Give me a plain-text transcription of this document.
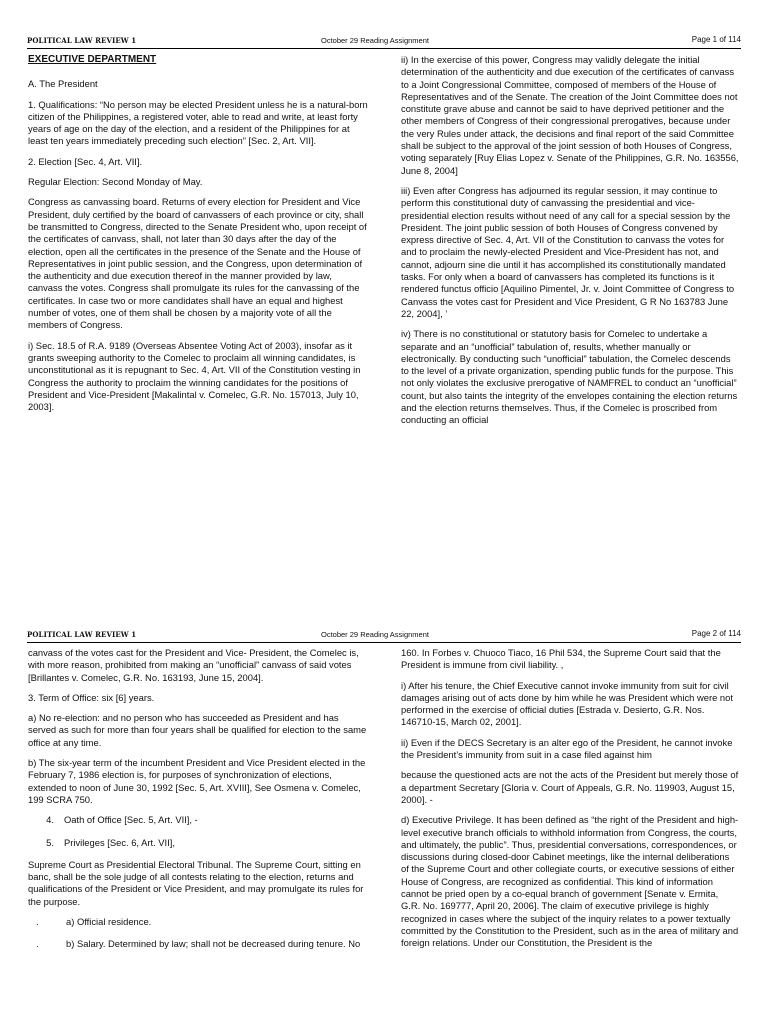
POLITICAL LAW REVIEW 1	October 29 Reading Assignment	Page 1 of 114

EXECUTIVE DEPARTMENT

A. The President

1. Qualifications: “No person may be elected President unless he is a natural-born citizen of the Philippines, a registered voter, able to read and write, at least forty years of age on the day of the election, and a resident of the Philippines for at least ten years immediately preceding such election” [Sec. 2, Art. VII].

2. Election [Sec. 4, Art. VII].

Regular Election: Second Monday of May.

Congress as canvassing board. Returns of every election for President and Vice President, duly certified by the board of canvassers of each province or city, shall be transmitted to Congress, directed to the Senate President who, upon receipt of the certificates of canvass, shall, not later than 30 days after the day of the election, open all the certificates in the presence of the Senate and the House of Representatives in joint public session, and the Congress, upon determination of the authenticity and due execution thereof in the manner provided by law, canvass the votes. Congress shall promulgate its rules for the canvassing of the certificates. In case two or more candidates shall have an equal and highest number of votes, one of them shall be chosen by a majority vote of all the members of Congress.

i) Sec. 18.5 of R.A. 9189 (Overseas Absentee Voting Act of 2003), insofar as it grants sweeping authority to the Comelec to proclaim all winning candidates, is unconstitutional as it is repugnant to Sec. 4, Art. VII of the Constitution vesting in Congress the authority to proclaim the winning candidates for the positions of President and Vice-President [Makalintal v. Comelec, G.R. No. 157013, July 10, 2003].

ii) In the exercise of this power, Congress may validly delegate the initial determination of the authenticity and due execution of the certificates of canvass to a Joint Congressional Committee, composed of members of the House of Representatives and of the Senate. The creation of the Joint Committee does not constitute grave abuse and cannot be said to have deprived petitioner and the other members of Congress of their congressional prerogatives, because under the very Rules under attack, the decisions and final report of the said Committee shall be subject to the approval of the joint session of both Houses of Congress, voting separately [Ruy Elias Lopez v. Senate of the Philippines, G.R. No. 163556, June 8, 2004]

iii) Even after Congress has adjourned its regular session, it may continue to perform this constitutional duty of canvassing the presidential and vice- presidential election results without need of any call for a special session by the President. The joint public session of both Houses of Congress convened by express directive of Sec. 4, Art. VII of the Constitution to canvass the votes for and to proclaim the newly-elected President and Vice-President has not, and cannot, adjourn sine die until it has accomplished its constitutionally mandated tasks. For only when a board of canvassers has completed its functions is it rendered functus officio [Aquilino Pimentel, Jr. v. Joint Committee of Congress to Canvass the votes cast for President and Vice President, G R No 163783 June 22, 2004], ’

iv) There is no constitutional or statutory basis for Comelec to undertake a separate and an “unofficial” tabulation of, results, whether manually or electronically. By conducting such “unofficial” tabulation, the Comelec descends to the level of a private organization, spending public funds for the purpose. This not only violates the exclusive prerogative of NAMFREL to conduct an “unofficial” count, but also taints the integrity of the envelopes containing the election returns and the election returns themselves. Thus, if the Comelec is proscribed from conducting an official

POLITICAL LAW REVIEW 1	October 29 Reading Assignment	Page 2 of 114

canvass of the votes cast for the President and Vice- President, the Comelec is, with more reason, prohibited from making an “unofficial” canvass of said votes [Brillantes v. Comelec, G.R. No. 163193, June 15, 2004].

3. Term of Office: six [6] years.

a) No re-election: and no person who has succeeded as President and has served as such for more than four years shall be qualified for election to the same office at any time.

b) The six-year term of the incumbent President and Vice President elected in the February 7, 1986 election is, for purposes of synchronization of elections, extended to noon of June 30, 1992 [Sec. 5, Art. XVIII], See Osmena v. Comelec, 199 SCRA 750.

4.	Oath of Office [Sec. 5, Art. VII], -
5.	Privileges [Sec. 6, Art. VII],

Supreme Court as Presidential Electoral Tribunal. The Supreme Court, sitting en banc, shall be the sole judge of all contests relating to the election, returns and qualifications of the President or Vice President, and may promulgate its rules for the purpose.

.	a) Official residence.
.	b) Salary. Determined by law; shall not be decreased during tenure. No

160. In Forbes v. Chuoco Tiaco, 16 Phil 534, the Supreme Court said that the President is immune from civil liability. ,

i) After his tenure, the Chief Executive cannot invoke immunity from suit for civil damages arising out of acts done by him while he was President which were not performed in the exercise of official duties [Estrada v. Desierto, G.R. Nos. 146710-15, March 02, 2001].

ii) Even if the DECS Secretary is an alter ego of the President, he cannot invoke the President’s immunity from suit in a case filed against him

because the questioned acts are not the acts of the President but merely those of a department Secretary [Gloria v. Court of Appeals, G.R. No. 119903, August 15, 2000]. -

d) Executive Privilege. It has been defined as “the right of the President and high-level executive branch officials to withhold information from Congress, the courts, and ultimately, the public”. Thus, presidential conversations, correspondences, or discussions during closed-door Cabinet meetings, like the internal deliberations of the Supreme Court and other collegiate courts, or executive sessions of either House of Congress, are recognized as confidential. This kind of information cannot be pried open by a co-equal branch of government [Senate v. Ermita, G.R. No. 169777, April 20, 2006]. The claim of executive privilege is highly recognized in cases where the subject of the inquiry relates to a power textually committed by the Constitution to the President, such as in the area of military and foreign relations. Under our Constitution, the President is the
